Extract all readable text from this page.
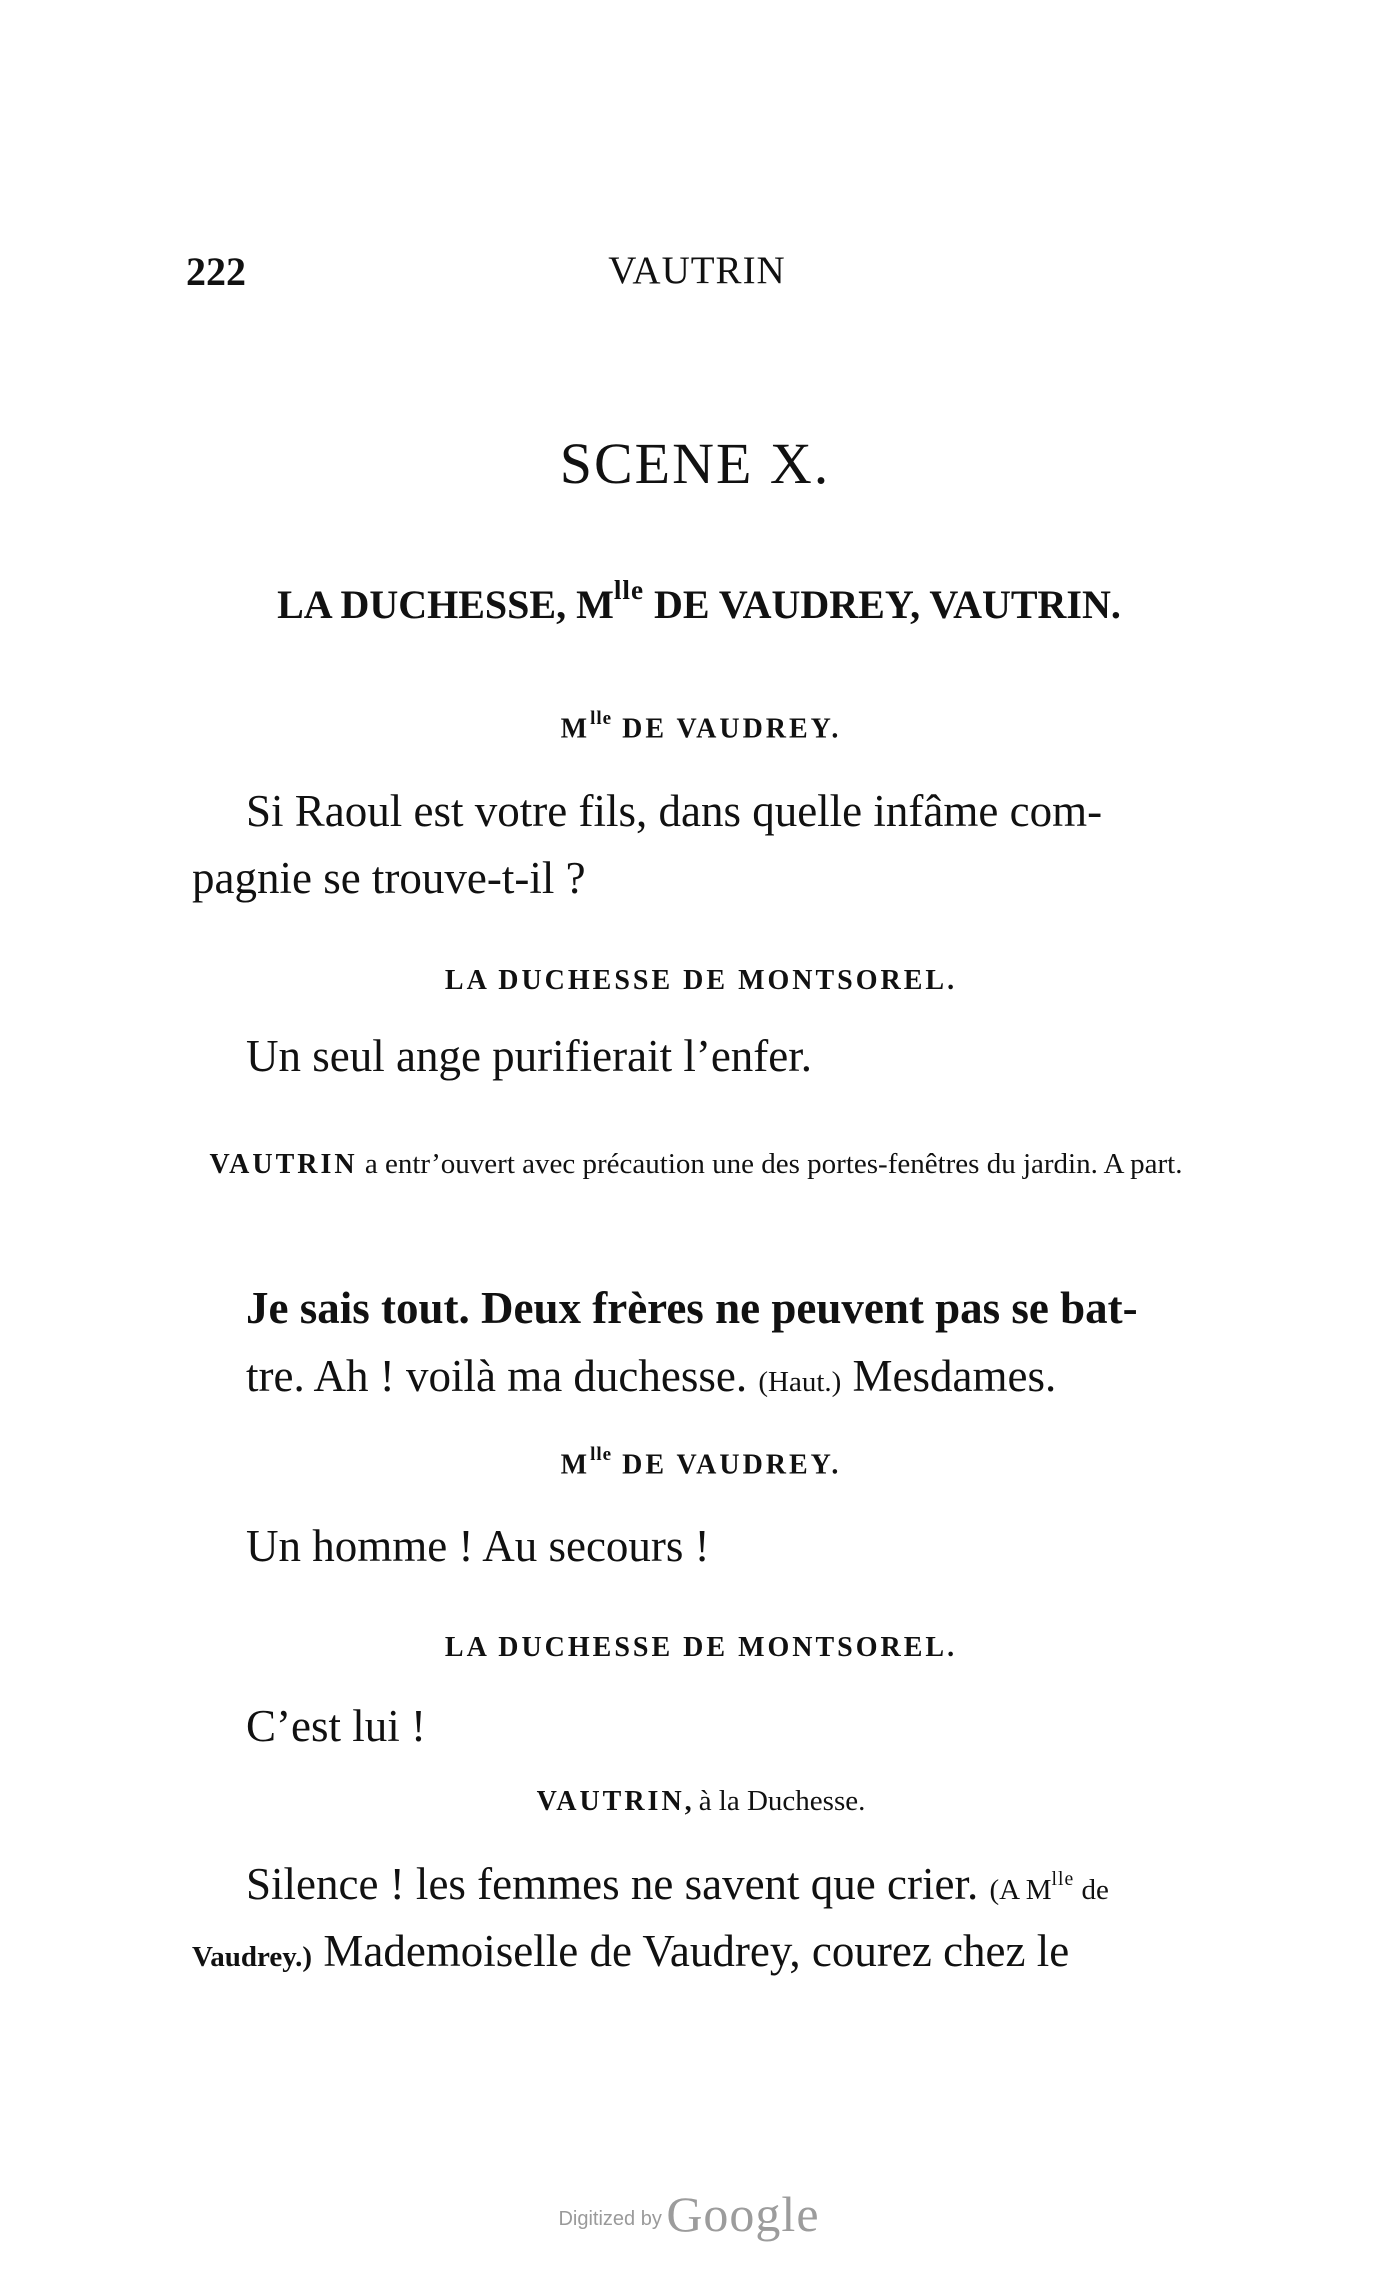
222	VAUTRIN
SCENE X.
LA DUCHESSE, $M^{lle}$ DE VAUDREY, VAUTRIN.
$M^{lle}$ DE VAUDREY.
Si Raoul est votre fils, dans quelle infâme com-
pagnie se trouve-t-il ?
LA DUCHESSE DE MONTSOREL.
Un seul ange purifierait l’enfer.
VAUTRIN a entr’ouvert avec précaution une des portes-fenêtres du jardin. A part.
Je sais tout. Deux frères ne peuvent pas se bat-
tre. Ah ! voilà ma duchesse. (Haut.) Mesdames.
$M^{lle}$ DE VAUDREY.
Un homme ! Au secours !
LA DUCHESSE DE MONTSOREL.
C’est lui !
VAUTRIN, à la Duchesse.
Silence ! les femmes ne savent que crier. (A $M^{lle}$ de
Vaudrey.) Mademoiselle de Vaudrey, courez chez le
Digitized by Google
